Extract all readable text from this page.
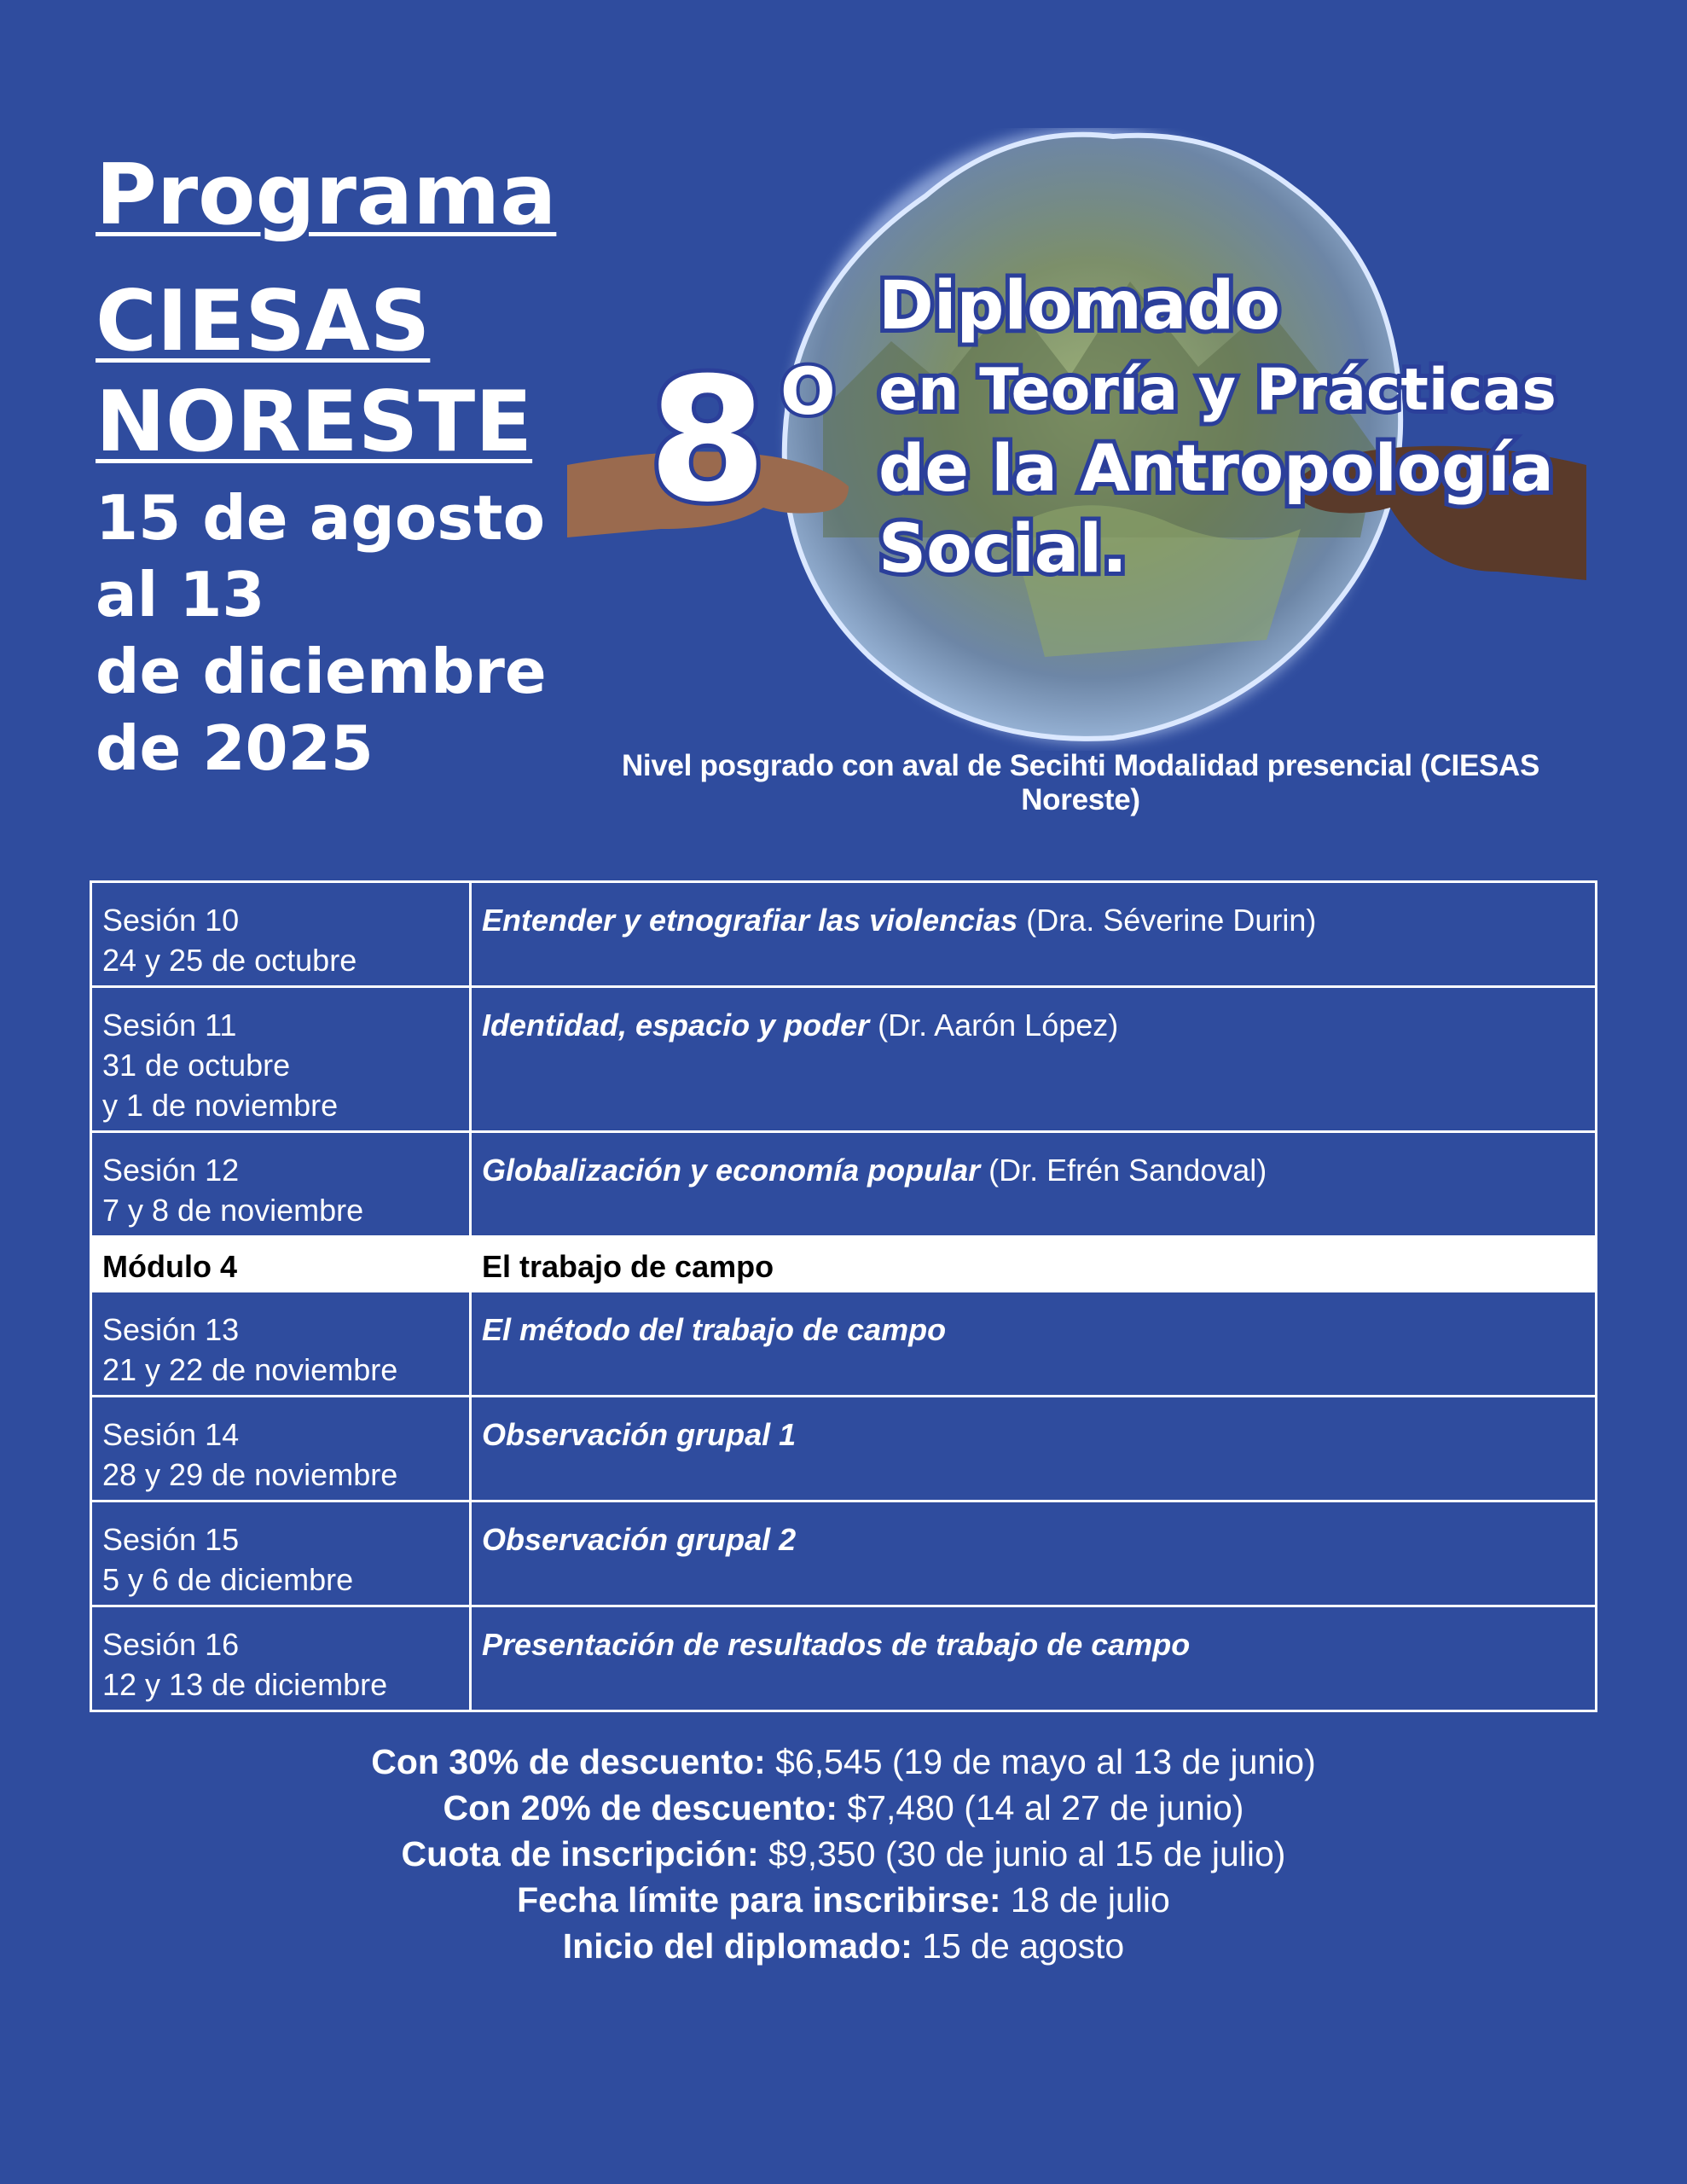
Programa

CIESAS
NORESTE

15 de agosto
al 13
de diciembre
de 2025
8 O
Diplomado
en Teoría y Prácticas
de la Antropología
Social.
Nivel posgrado con aval de Secihti Modalidad presencial (CIESAS Noreste)
Sesión 10
24 y 25 de octubre	Entender y etnografiar las violencias (Dra. Séverine Durin)
Sesión 11
31 de octubre
y 1 de noviembre	Identidad, espacio y poder (Dr. Aarón López)
Sesión 12
7 y 8 de noviembre	Globalización y economía popular (Dr. Efrén Sandoval)
Módulo 4	El trabajo de campo
Sesión 13
21 y 22 de noviembre	El método del trabajo de campo
Sesión 14
28 y 29 de noviembre	Observación grupal 1
Sesión 15
5 y 6 de diciembre	Observación grupal 2
Sesión 16
12 y 13 de diciembre	Presentación de resultados de trabajo de campo
Con 30% de descuento: $6,545 (19 de mayo al 13 de junio)
Con 20% de descuento: $7,480 (14 al 27 de junio)
Cuota de inscripción: $9,350 (30 de junio al 15 de julio)
Fecha límite para inscribirse: 18 de julio
Inicio del diplomado: 15 de agosto
